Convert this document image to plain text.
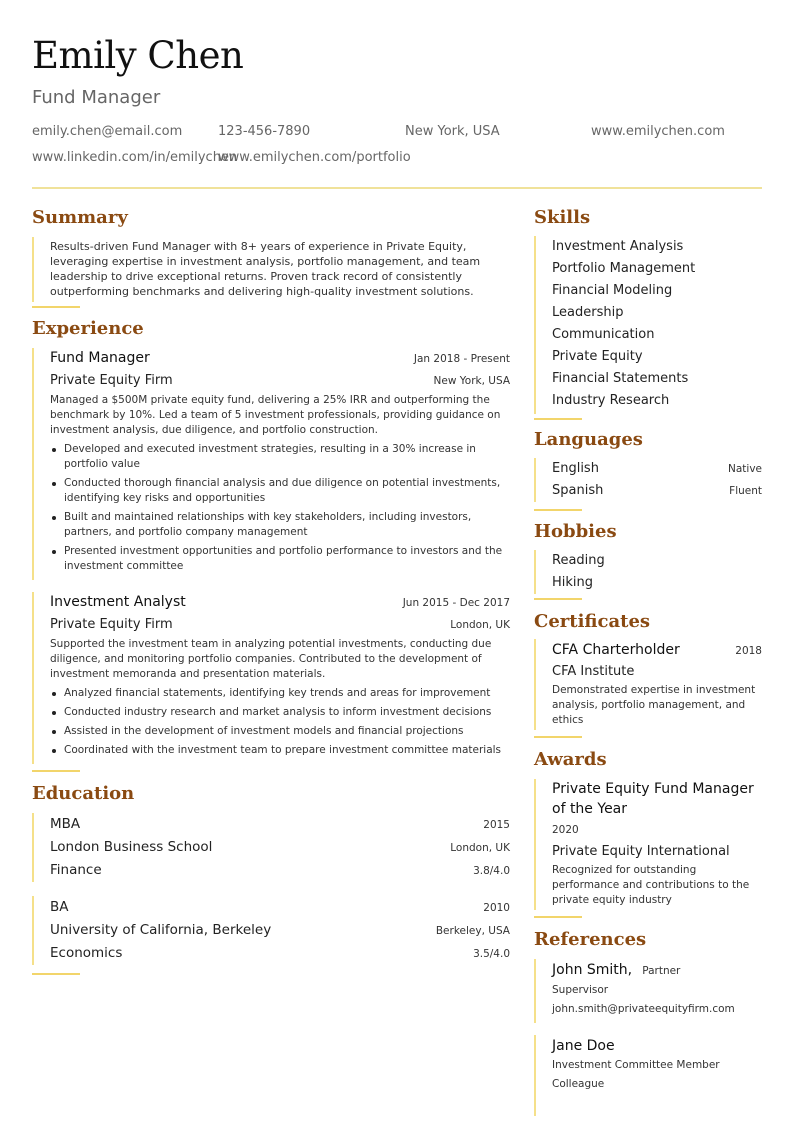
Emily Chen
Fund Manager
emily.chen@email.com	123-456-7890	New York, USA	www.emilychen.com
www.linkedin.com/in/emilychen
www.emilychen.com/portfolio
Summary
Results-driven Fund Manager with 8+ years of experience in Private Equity, leveraging expertise in investment analysis, portfolio management, and team leadership to drive exceptional returns. Proven track record of consistently outperforming benchmarks and delivering high-quality investment solutions.
Experience
Fund Manager	Jan 2018 - Present
Private Equity Firm	New York, USA
Managed a $500M private equity fund, delivering a 25% IRR and outperforming the benchmark by 10%. Led a team of 5 investment professionals, providing guidance on investment analysis, due diligence, and portfolio construction.
Developed and executed investment strategies, resulting in a 30% increase in portfolio value
Conducted thorough financial analysis and due diligence on potential investments, identifying key risks and opportunities
Built and maintained relationships with key stakeholders, including investors, partners, and portfolio company management
Presented investment opportunities and portfolio performance to investors and the investment committee
Investment Analyst	Jun 2015 - Dec 2017
Private Equity Firm	London, UK
Supported the investment team in analyzing potential investments, conducting due diligence, and monitoring portfolio companies. Contributed to the development of investment memoranda and presentation materials.
Analyzed financial statements, identifying key trends and areas for improvement
Conducted industry research and market analysis to inform investment decisions
Assisted in the development of investment models and financial projections
Coordinated with the investment team to prepare investment committee materials
Education
MBA	2015
London Business School	London, UK
Finance	3.8/4.0
BA	2010
University of California, Berkeley	Berkeley, USA
Economics	3.5/4.0
Skills
Investment Analysis
Portfolio Management
Financial Modeling
Leadership
Communication
Private Equity
Financial Statements
Industry Research
Languages
English	Native
Spanish	Fluent
Hobbies
Reading
Hiking
Certificates
CFA Charterholder	2018
CFA Institute
Demonstrated expertise in investment analysis, portfolio management, and ethics
Awards
Private Equity Fund Manager of the Year
2020
Private Equity International
Recognized for outstanding performance and contributions to the private equity industry
References
John Smith, Partner
Supervisor
john.smith@privateequityfirm.com
Jane Doe
Investment Committee Member
Colleague
